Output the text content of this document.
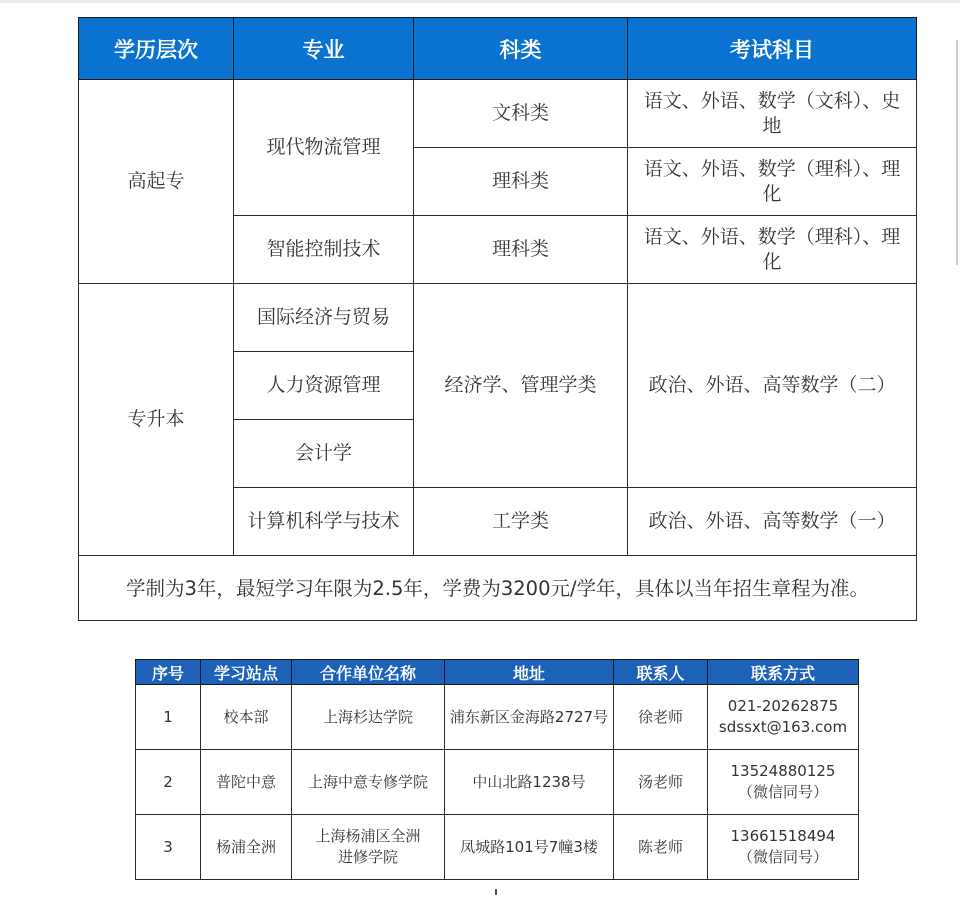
学历层次	专业	科类	考试科目
高起专	现代物流管理	文科类	语文、外语、数学（文科）、史地
		理科类	语文、外语、数学（理科）、理化
	智能控制技术	理科类	语文、外语、数学（理科）、理化
专升本	国际经济与贸易	经济学、管理学类	政治、外语、高等数学（二）
	人力资源管理		
	会计学		
	计算机科学与技术	工学类	政治、外语、高等数学（一）
学制为3年，最短学习年限为2.5年，学费为3200元/学年，具体以当年招生章程为准。			
序号	学习站点	合作单位名称	地址	联系人	联系方式
1	校本部	上海杉达学院	浦东新区金海路2727号	徐老师	021-20262875
sdssxt@163.com

2	普陀中意	上海中意专修学院	中山北路1238号	汤老师	13524880125
（微信同号）

3	杨浦全洲	上海杨浦区全洲进修学院	凤城路101号7幢3楼	陈老师	13661518494
（微信同号）
